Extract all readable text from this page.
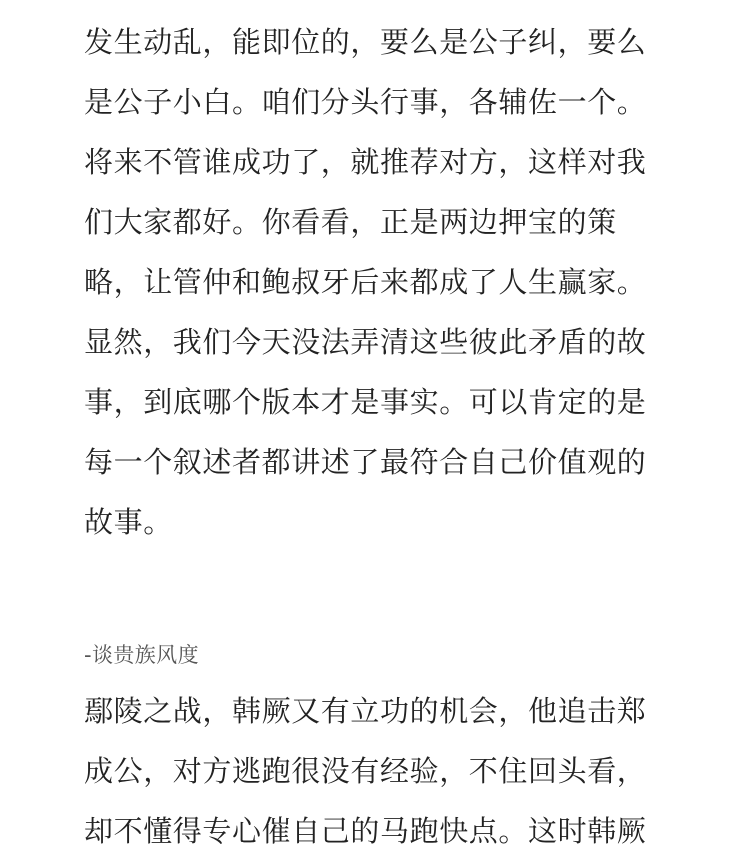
发生动乱，能即位的，要么是公子纠，要么是公子小白。咱们分头行事，各辅佐一个。将来不管谁成功了，就推荐对方，这样对我们大家都好。你看看，正是两边押宝的策略，让管仲和鲍叔牙后来都成了人生赢家。显然，我们今天没法弄清这些彼此矛盾的故事，到底哪个版本才是事实。可以肯定的是每一个叙述者都讲述了最符合自己价值观的故事。

-谈贵族风度

鄢陵之战，韩厥又有立功的机会，他追击郑成公，对方逃跑很没有经验，不住回头看，却不懂得专心催自己的马跑快点。这时韩厥
